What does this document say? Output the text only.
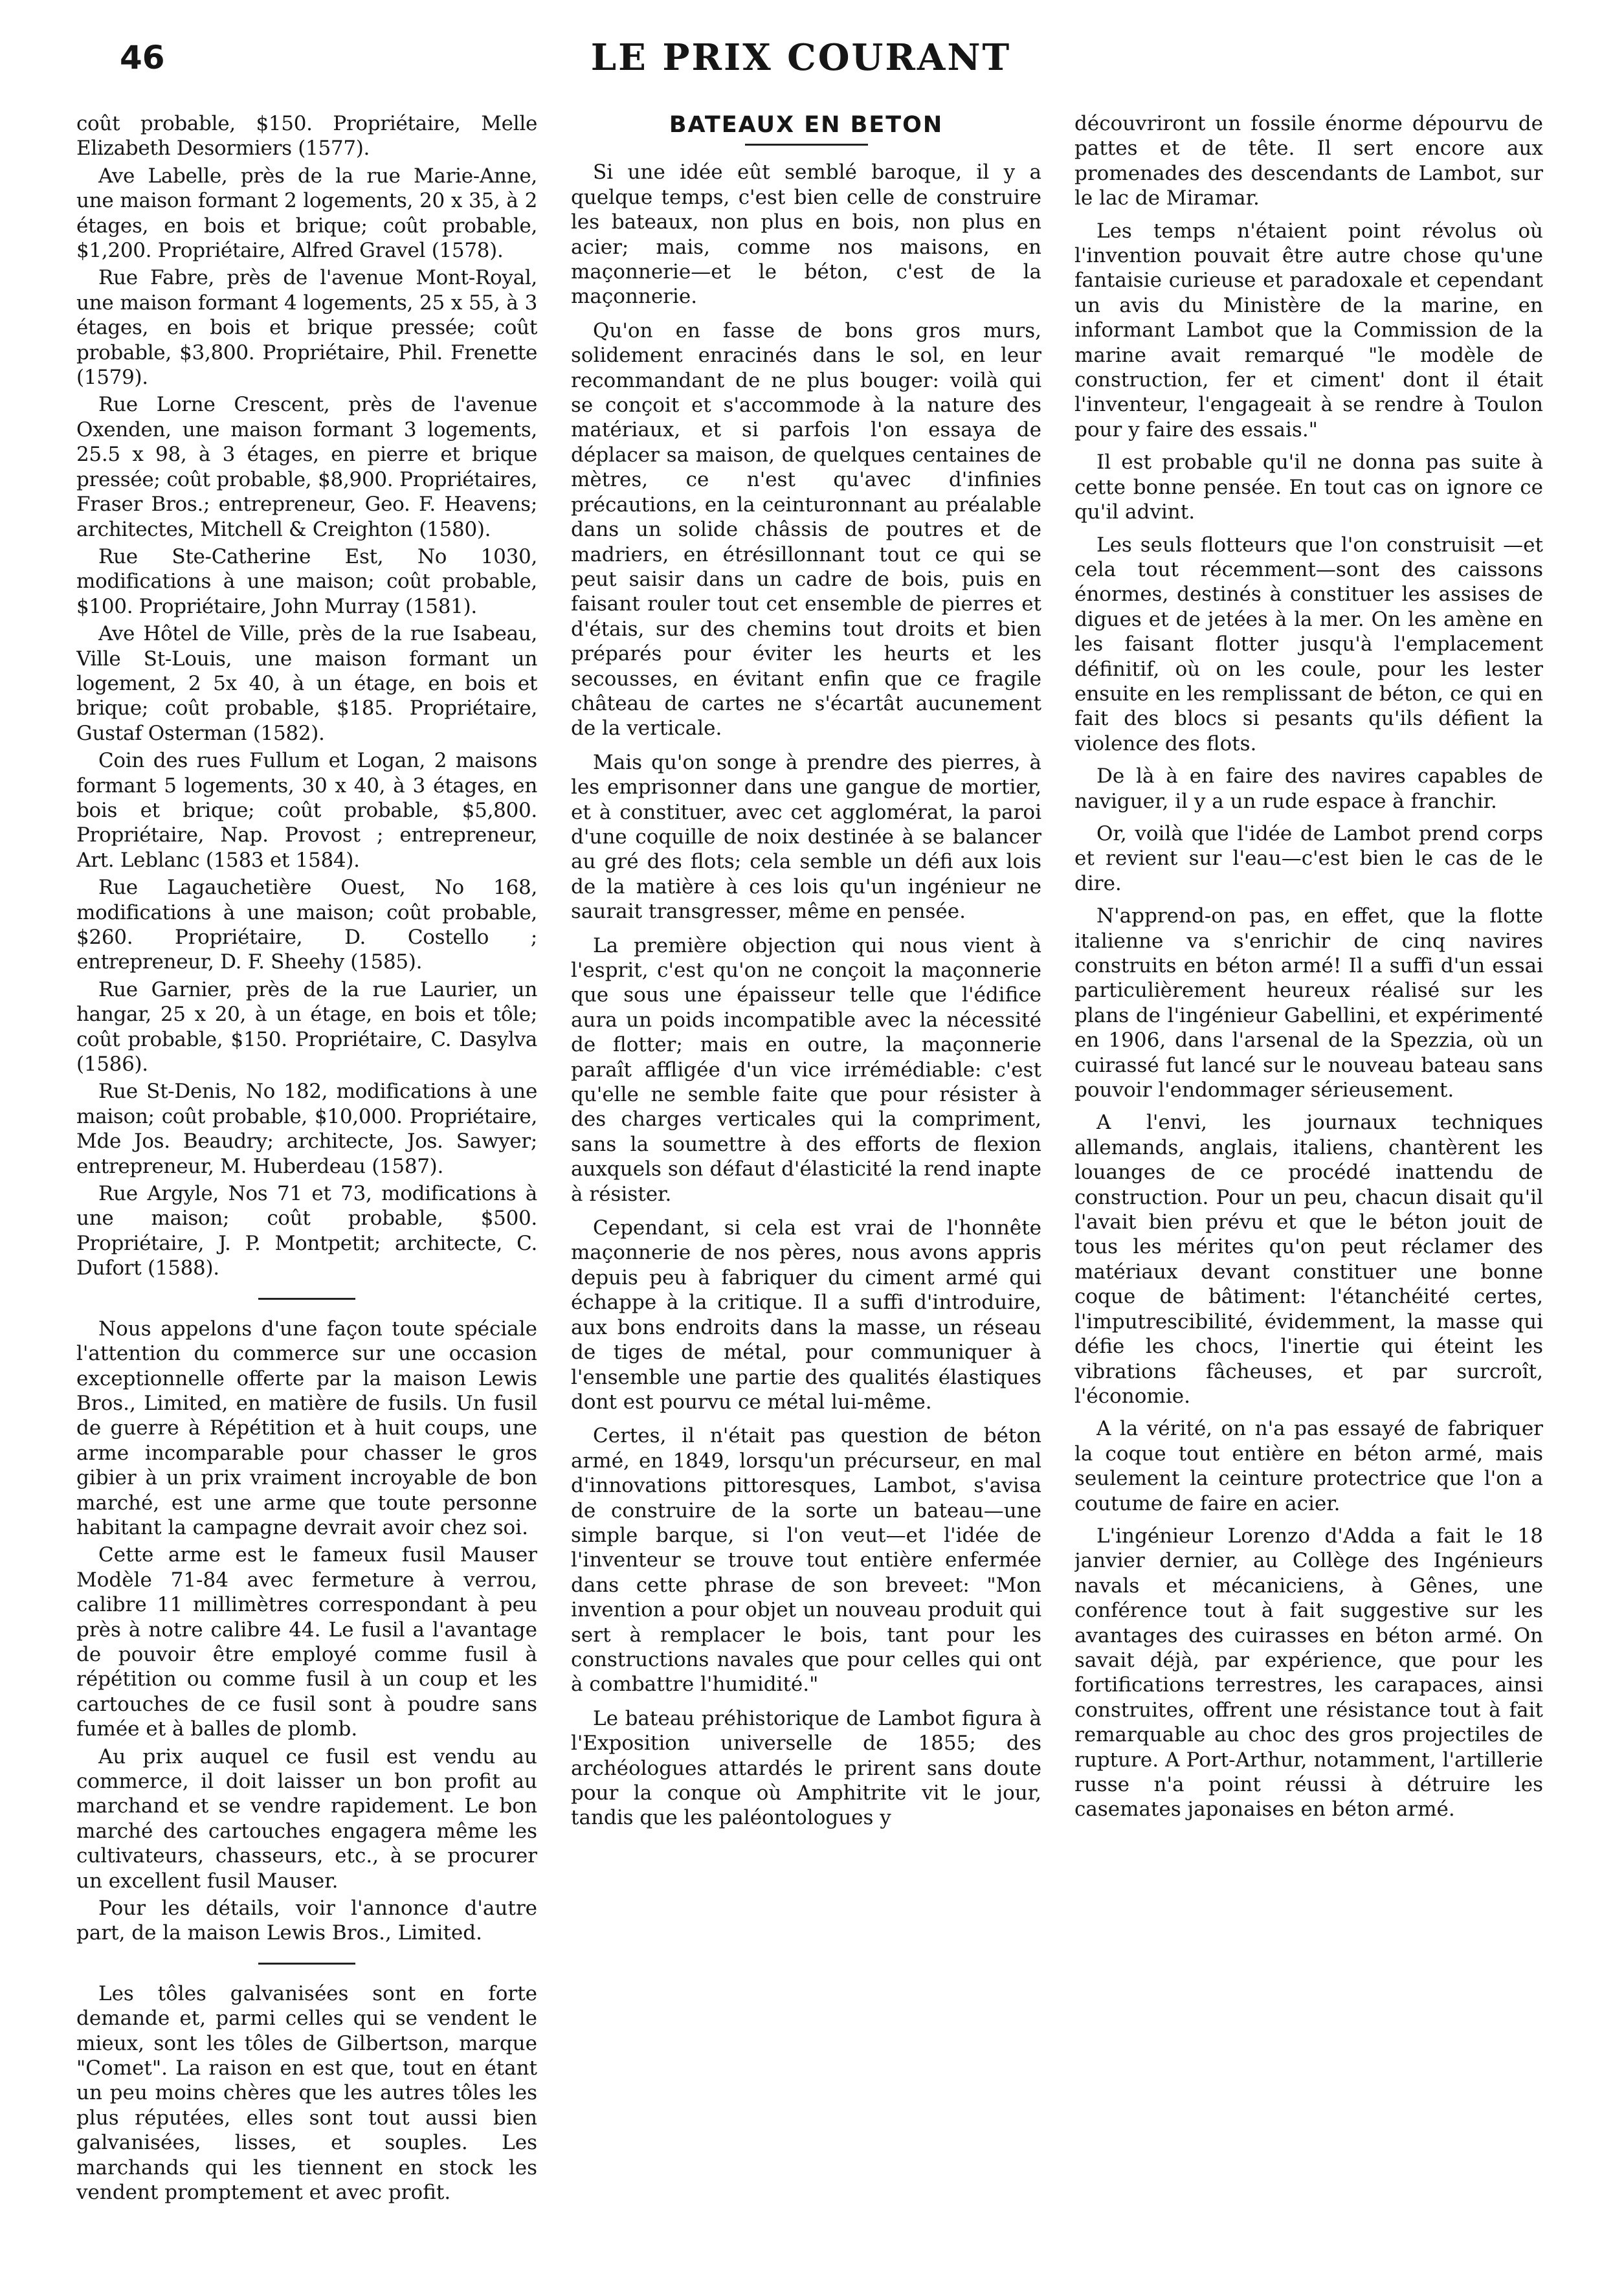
46	LE PRIX COURANT

coût probable, $150. Propriétaire, Melle Elizabeth Desormiers (1577).

Ave Labelle, près de la rue Marie-Anne, une maison formant 2 logements, 20 x 35, à 2 étages, en bois et brique; coût probable, $1,200. Propriétaire, Alfred Gravel (1578).

Rue Fabre, près de l'avenue Mont-Royal, une maison formant 4 logements, 25 x 55, à 3 étages, en bois et brique pressée; coût probable, $3,800. Propriétaire, Phil. Frenette (1579).

Rue Lorne Crescent, près de l'avenue Oxenden, une maison formant 3 logements, 25.5 x 98, à 3 étages, en pierre et brique pressée; coût probable, $8,900. Propriétaires, Fraser Bros.; entrepreneur, Geo. F. Heavens; architectes, Mitchell & Creighton (1580).

Rue Ste-Catherine Est, No 1030, modifications à une maison; coût probable, $100. Propriétaire, John Murray (1581).

Ave Hôtel de Ville, près de la rue Isabeau, Ville St-Louis, une maison formant un logement, 2 5x 40, à un étage, en bois et brique; coût probable, $185. Propriétaire, Gustaf Osterman (1582).

Coin des rues Fullum et Logan, 2 maisons formant 5 logements, 30 x 40, à 3 étages, en bois et brique; coût probable, $5,800. Propriétaire, Nap. Provost ; entrepreneur, Art. Leblanc (1583 et 1584).

Rue Lagauchetière Ouest, No 168, modifications à une maison; coût probable, $260. Propriétaire, D. Costello ; entrepreneur, D. F. Sheehy (1585).

Rue Garnier, près de la rue Laurier, un hangar, 25 x 20, à un étage, en bois et tôle; coût probable, $150. Propriétaire, C. Dasylva (1586).

Rue St-Denis, No 182, modifications à une maison; coût probable, $10,000. Propriétaire, Mde Jos. Beaudry; architecte, Jos. Sawyer; entrepreneur, M. Huberdeau (1587).

Rue Argyle, Nos 71 et 73, modifications à une maison; coût probable, $500. Propriétaire, J. P. Montpetit; architecte, C. Dufort (1588).

Nous appelons d'une façon toute spéciale l'attention du commerce sur une occasion exceptionnelle offerte par la maison Lewis Bros., Limited, en matière de fusils. Un fusil de guerre à Répétition et à huit coups, une arme incomparable pour chasser le gros gibier à un prix vraiment incroyable de bon marché, est une arme que toute personne habitant la campagne devrait avoir chez soi.

Cette arme est le fameux fusil Mauser Modèle 71-84 avec fermeture à verrou, calibre 11 millimètres correspondant à peu près à notre calibre 44. Le fusil a l'avantage de pouvoir être employé comme fusil à répétition ou comme fusil à un coup et les cartouches de ce fusil sont à poudre sans fumée et à balles de plomb.

Au prix auquel ce fusil est vendu au commerce, il doit laisser un bon profit au marchand et se vendre rapidement. Le bon marché des cartouches engagera même les cultivateurs, chasseurs, etc., à se procurer un excellent fusil Mauser.

Pour les détails, voir l'annonce d'autre part, de la maison Lewis Bros., Limited.

Les tôles galvanisées sont en forte demande et, parmi celles qui se vendent le mieux, sont les tôles de Gilbertson, marque "Comet". La raison en est que, tout en étant un peu moins chères que les autres tôles les plus réputées, elles sont tout aussi bien galvanisées, lisses, et souples. Les marchands qui les tiennent en stock les vendent promptement et avec profit.

BATEAUX EN BETON

Si une idée eût semblé baroque, il y a quelque temps, c'est bien celle de construire les bateaux, non plus en bois, non plus en acier; mais, comme nos maisons, en maçonnerie—et le béton, c'est de la maçonnerie.

Qu'on en fasse de bons gros murs, solidement enracinés dans le sol, en leur recommandant de ne plus bouger: voilà qui se conçoit et s'accommode à la nature des matériaux, et si parfois l'on essaya de déplacer sa maison, de quelques centaines de mètres, ce n'est qu'avec d'infinies précautions, en la ceinturonnant au préalable dans un solide châssis de poutres et de madriers, en étrésillonnant tout ce qui se peut saisir dans un cadre de bois, puis en faisant rouler tout cet ensemble de pierres et d'étais, sur des chemins tout droits et bien préparés pour éviter les heurts et les secousses, en évitant enfin que ce fragile château de cartes ne s'écartât aucunement de la verticale.

Mais qu'on songe à prendre des pierres, à les emprisonner dans une gangue de mortier, et à constituer, avec cet agglomérat, la paroi d'une coquille de noix destinée à se balancer au gré des flots; cela semble un défi aux lois de la matière à ces lois qu'un ingénieur ne saurait transgresser, même en pensée.

La première objection qui nous vient à l'esprit, c'est qu'on ne conçoit la maçonnerie que sous une épaisseur telle que l'édifice aura un poids incompatible avec la nécessité de flotter; mais en outre, la maçonnerie paraît affligée d'un vice irrémédiable: c'est qu'elle ne semble faite que pour résister à des charges verticales qui la compriment, sans la soumettre à des efforts de flexion auxquels son défaut d'élasticité la rend inapte à résister.

Cependant, si cela est vrai de l'honnête maçonnerie de nos pères, nous avons appris depuis peu à fabriquer du ciment armé qui échappe à la critique. Il a suffi d'introduire, aux bons endroits dans la masse, un réseau de tiges de métal, pour communiquer à l'ensemble une partie des qualités élastiques dont est pourvu ce métal lui-même.

Certes, il n'était pas question de béton armé, en 1849, lorsqu'un précurseur, en mal d'innovations pittoresques, Lambot, s'avisa de construire de la sorte un bateau—une simple barque, si l'on veut—et l'idée de l'inventeur se trouve tout entière enfermée dans cette phrase de son breveet: "Mon invention a pour objet un nouveau produit qui sert à remplacer le bois, tant pour les constructions navales que pour celles qui ont à combattre l'humidité."

Le bateau préhistorique de Lambot figura à l'Exposition universelle de 1855; des archéologues attardés le prirent sans doute pour la conque où Amphitrite vit le jour, tandis que les paléontologues y

découvriront un fossile énorme dépourvu de pattes et de tête. Il sert encore aux promenades des descendants de Lambot, sur le lac de Miramar.

Les temps n'étaient point révolus où l'invention pouvait être autre chose qu'une fantaisie curieuse et paradoxale et cependant un avis du Ministère de la marine, en informant Lambot que la Commission de la marine avait remarqué "le modèle de construction, fer et ciment' dont il était l'inventeur, l'engageait à se rendre à Toulon pour y faire des essais."

Il est probable qu'il ne donna pas suite à cette bonne pensée. En tout cas on ignore ce qu'il advint.

Les seuls flotteurs que l'on construisit —et cela tout récemment—sont des caissons énormes, destinés à constituer les assises de digues et de jetées à la mer. On les amène en les faisant flotter jusqu'à l'emplacement définitif, où on les coule, pour les lester ensuite en les remplissant de béton, ce qui en fait des blocs si pesants qu'ils défient la violence des flots.

De là à en faire des navires capables de naviguer, il y a un rude espace à franchir.

Or, voilà que l'idée de Lambot prend corps et revient sur l'eau—c'est bien le cas de le dire.

N'apprend-on pas, en effet, que la flotte italienne va s'enrichir de cinq navires construits en béton armé! Il a suffi d'un essai particulièrement heureux réalisé sur les plans de l'ingénieur Gabellini, et expérimenté en 1906, dans l'arsenal de la Spezzia, où un cuirassé fut lancé sur le nouveau bateau sans pouvoir l'endommager sérieusement.

A l'envi, les journaux techniques allemands, anglais, italiens, chantèrent les louanges de ce procédé inattendu de construction. Pour un peu, chacun disait qu'il l'avait bien prévu et que le béton jouit de tous les mérites qu'on peut réclamer des matériaux devant constituer une bonne coque de bâtiment: l'étanchéité certes, l'imputrescibilité, évidemment, la masse qui défie les chocs, l'inertie qui éteint les vibrations fâcheuses, et par surcroît, l'économie.

A la vérité, on n'a pas essayé de fabriquer la coque tout entière en béton armé, mais seulement la ceinture protectrice que l'on a coutume de faire en acier.

L'ingénieur Lorenzo d'Adda a fait le 18 janvier dernier, au Collège des Ingénieurs navals et mécaniciens, à Gênes, une conférence tout à fait suggestive sur les avantages des cuirasses en béton armé. On savait déjà, par expérience, que pour les fortifications terrestres, les carapaces, ainsi construites, offrent une résistance tout à fait remarquable au choc des gros projectiles de rupture. A Port-Arthur, notamment, l'artillerie russe n'a point réussi à détruire les casemates japonaises en béton armé.
